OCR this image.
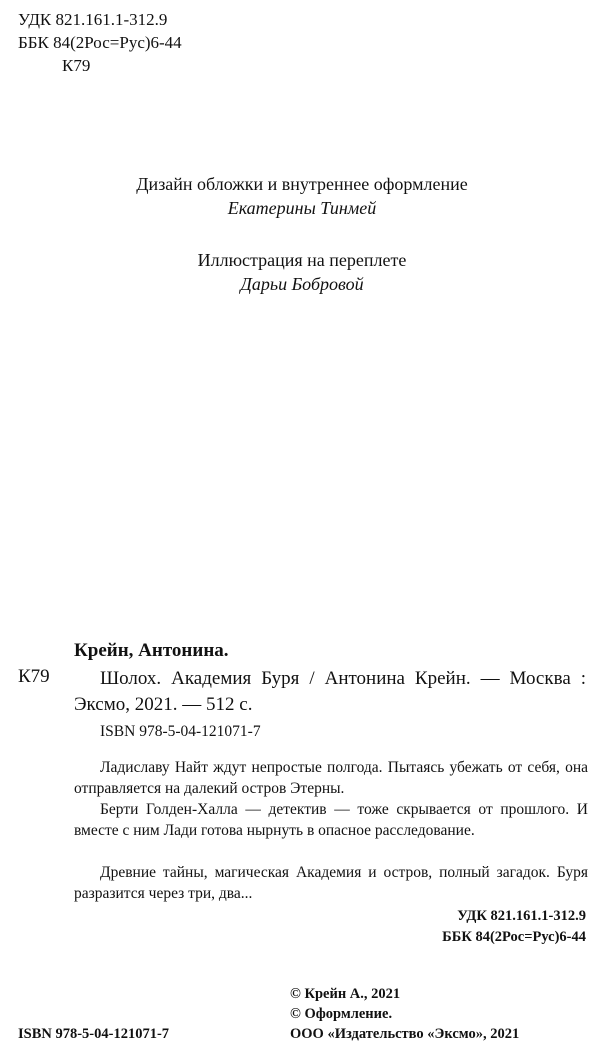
УДК 821.161.1-312.9
ББК 84(2Рос=Рус)6-44
К79
Дизайн обложки и внутреннее оформление
Екатерины Тинмей
Иллюстрация на переплете
Дарьи Бобровой
Крейн, Антонина.
К79	Шолох. Академия Буря / Антонина Крейн. — Москва : Эксмо, 2021. — 512 с.
ISBN 978-5-04-121071-7
Ладиславу Найт ждут непростые полгода. Пытаясь убежать от себя, она отправляется на далекий остров Этерны.
Берти Голден-Халла — детектив — тоже скрывается от прошлого. И вместе с ним Лади готова нырнуть в опасное расследование.
Древние тайны, магическая Академия и остров, полный загадок. Буря разразится через три, два...
УДК 821.161.1-312.9
ББК 84(2Рос=Рус)6-44
© Крейн А., 2021
© Оформление.
ISBN 978-5-04-121071-7	ООО «Издательство «Эксмо», 2021
